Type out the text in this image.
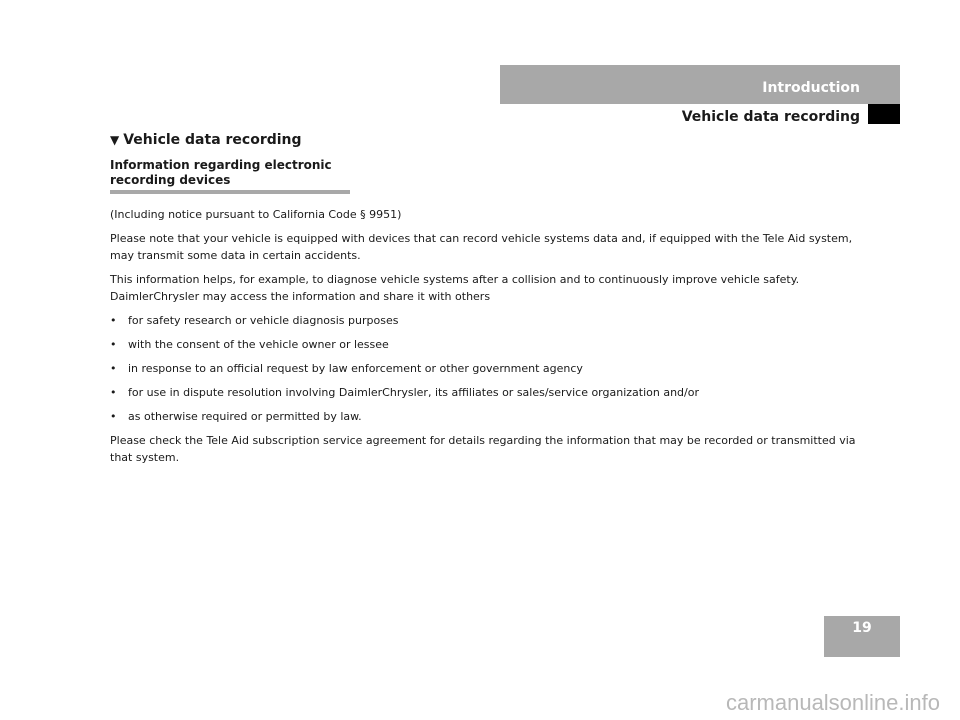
Introduction
Vehicle data recording
▼ Vehicle data recording
Information regarding electronic
recording devices

(Including notice pursuant to California Code § 9951)

Please note that your vehicle is equipped with devices that can record vehicle systems data and, if equipped with the Tele Aid system, may transmit some data in certain accidents.

This information helps, for example, to diagnose vehicle systems after a collision and to continuously improve vehicle safety. DaimlerChrysler may access the information and share it with others

• for safety research or vehicle diagnosis purposes
• with the consent of the vehicle owner or lessee
• in response to an official request by law enforcement or other government agency
• for use in dispute resolution involving DaimlerChrysler, its affiliates or sales/service organization and/or
• as otherwise required or permitted by law.

Please check the Tele Aid subscription service agreement for details regarding the information that may be recorded or transmitted via that system.

19
carmanualsonline.info
